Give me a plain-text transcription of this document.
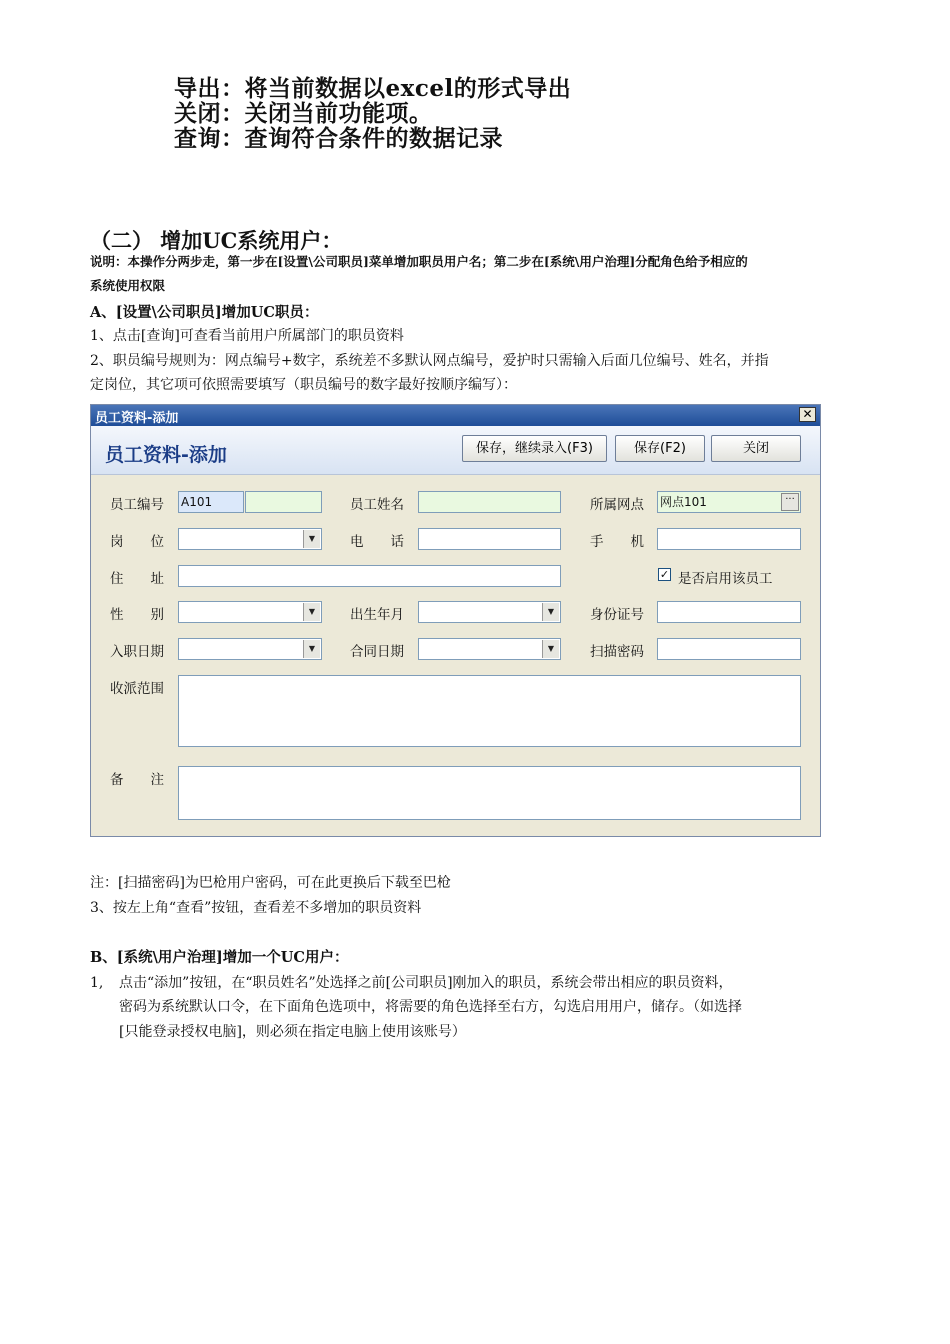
导出：将当前数据以excel的形式导出
关闭：关闭当前功能项。
查询：查询符合条件的数据记录
（二） 增加UC系统用户：
说明：本操作分两步走，第一步在[设置\公司职员]菜单增加职员用户名；第二步在[系统\用户治理]分配角色给予相应的
系统使用权限
A、[设置\公司职员]增加UC职员：
1、点击[查询]可查看当前用户所属部门的职员资料
2、职员编号规则为：网点编号+数字，系统差不多默认网点编号，爱护时只需输入后面几位编号、姓名，并指
定岗位，其它项可依照需要填写（职员编号的数字最好按顺序编写）：
员工资料-添加	✕
员工资料-添加	保存，继续录入(F3)	保存(F2)	关闭
员工编号 A101	员工姓名	所属网点 网点101	···
岗　　位 ▼	电　　话	手　　机
住　　址	✓ 是否启用该员工
性　　别 ▼	出生年月 ▼	身份证号
入职日期 ▼	合同日期 ▼	扫描密码
收派范围
备　　注
注：[扫描密码]为巴枪用户密码，可在此更换后下载至巴枪
3、按左上角“查看”按钮，查看差不多增加的职员资料
B、[系统\用户治理]增加一个UC用户：
1, 点击“添加”按钮，在“职员姓名”处选择之前[公司职员]刚加入的职员，系统会带出相应的职员资料，
密码为系统默认口令，在下面角色选项中，将需要的角色选择至右方，勾选启用用户，储存。（如选择
[只能登录授权电脑]，则必须在指定电脑上使用该账号）
